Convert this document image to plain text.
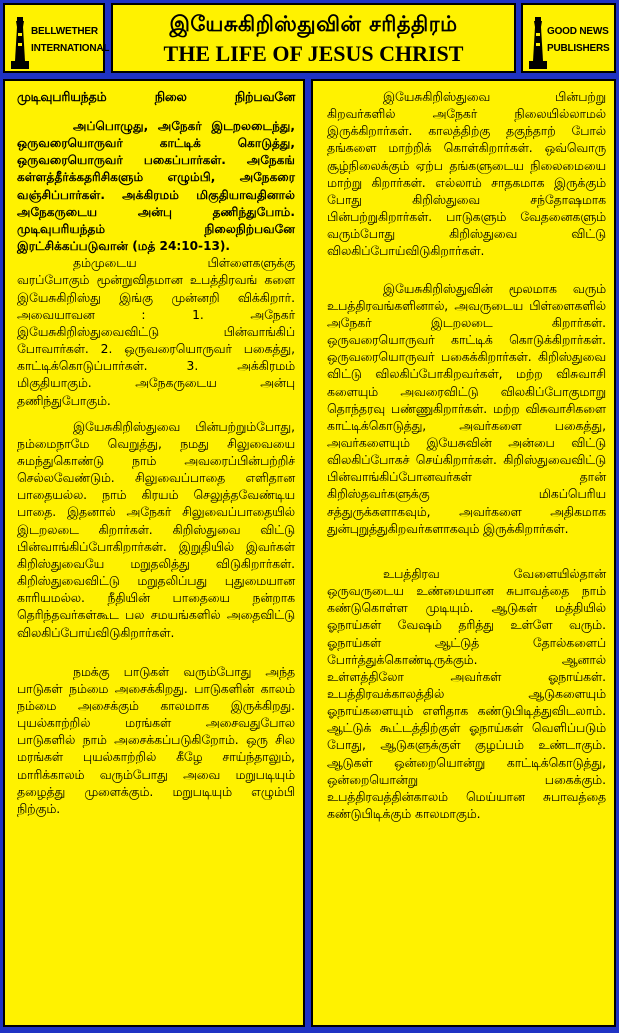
BELLWETHER
INTERNATIONAL
இயேசுகிறிஸ்துவின் சரித்திரம்
THE LIFE OF JESUS CHRIST
GOOD NEWS
PUBLISHERS
முடிவுபரியந்தம் நிலை நிற்பவனே

அப்பொழுது, அநேகர் இடறலடைந்து, ஒருவரையொருவர் காட்டிக் கொடுத்து, ஒருவரையொருவர் பகைப்பார்கள். அநேகங் கள்ளத்தீர்க்கதரிசிகளும் எழும்பி, அநேகரை வஞ்சிப்பார்கள். அக்கிரமம் மிகுதியாவதினால் அநேகருடைய அன்பு தணிந்துபோம். முடிவுபரியந்தம் நிலைநிற்பவனே இரட்சிக்கப்படுவான் (மத் 24:10-13).

தம்முடைய பிள்ளைகளுக்கு வரப்போகும் மூன்றுவிதமான உபத்திரவங் களை இயேசுகிறிஸ்து இங்கு முன்னறி விக்கிறார். அவையாவன : 1. அநேகர் இயேசுகிறிஸ்துவைவிட்டு பின்வாங்கிப் போவார்கள். 2. ஒருவரையொருவர் பகைத்து, காட்டிக்கொடுப்பார்கள். 3. அக்கிரமம் மிகுதியாகும். அநேகருடைய அன்பு தணிந்துபோகும்.

இயேசுகிறிஸ்துவை பின்பற்றும்போது, நம்மைநாமே வெறுத்து, நமது சிலுவையை சுமந்துகொண்டு நாம் அவரைப்பின்பற்றிச் செல்லவேண்டும். சிலுவைப்பாதை எளிதான பாதையல்ல. நாம் கிரயம் செலுத்தவேண்டிய பாதை. இதனால் அநேகர் சிலுவைப்பாதையில் இடறலடை கிறார்கள். கிறிஸ்துவை விட்டு பின்வாங்கிப்போகிறார்கள். இறுதியில் இவர்கள் கிறிஸ்துவையே மறுதலித்து விடுகிறார்கள். கிறிஸ்துவைவிட்டு மறுதலிப்பது புதுமையான காரியமல்ல. நீதியின் பாதையை நன்றாக தெரிந்தவர்கள்கூட பல சமயங்களில் அதைவிட்டு விலகிப்போய்விடுகிறார்கள்.

நமக்கு பாடுகள் வரும்போது அந்த பாடுகள் நம்மை அசைக்கிறது. பாடுகளின் காலம் நம்மை அசைக்கும் காலமாக இருக்கிறது. புயல்காற்றில் மரங்கள் அசைவதுபோல பாடுகளில் நாம் அசைக்கப்படுகிறோம். ஒரு சில மரங்கள் புயல்காற்றில் கீழே சாய்ந்தாலும், மாரிக்காலம் வரும்போது அவை மறுபடியும் தழைத்து முளைக்கும். மறுபடியும் எழும்பி நிற்கும்.

இயேசுகிறிஸ்துவை பின்பற்று கிறவர்களில் அநேகர் நிலையில்லாமல் இருக்கிறார்கள். காலத்திற்கு தகுந்தாற் போல் தங்களை மாற்றிக் கொள்கிறார்கள். ஒவ்வொரு சூழ்நிலைக்கும் ஏற்ப தங்களுடைய நிலைமையை மாற்று கிறார்கள். எல்லாம் சாதகமாக இருக்கும் போது கிறிஸ்துவை சந்தோஷமாக பின்பற்றுகிறார்கள். பாடுகளும் வேதனைகளும் வரும்போது கிறிஸ்துவை விட்டு விலகிப்போய்விடுகிறார்கள்.

இயேசுகிறிஸ்துவின் மூலமாக வரும் உபத்திரவங்களினால், அவருடைய பிள்ளைகளில் அநேகர் இடறலடை கிறார்கள். ஒருவரையொருவர் காட்டிக் கொடுக்கிறார்கள். ஒருவரையொருவர் பகைக்கிறார்கள். கிறிஸ்துவை விட்டு விலகிப்போகிறவர்கள், மற்ற விசுவாசி களையும் அவரைவிட்டு விலகிப்போகுமாறு தொந்தரவு பண்ணுகிறார்கள். மற்ற விசுவாசிகளை காட்டிக்கொடுத்து, அவர்களை பகைத்து, அவர்களையும் இயேசுவின் அன்பை விட்டு விலகிப்போகச் செய்கிறார்கள். கிறிஸ்துவைவிட்டு பின்வாங்கிப்போனவர்கள் தான் கிறிஸ்தவர்களுக்கு மிகப்பெரிய சத்துருக்களாகவும், அவர்களை அதிகமாக துன்புறுத்துகிறவர்களாகவும் இருக்கிறார்கள்.

உபத்திரவ வேளையில்தான் ஒருவருடைய உண்மையான சுபாவத்தை நாம் கண்டுகொள்ள முடியும். ஆடுகள் மத்தியில் ஓநாய்கள் வேஷம் தரித்து உள்ளே வரும். ஓநாய்கள் ஆட்டுத் தோல்களைப் போர்த்துக்கொண்டிருக்கும். ஆனால் உள்ளத்திலோ அவர்கள் ஓநாய்கள். உபத்திரவக்காலத்தில் ஆடுகளையும் ஓநாய்களையும் எளிதாக கண்டுபிடித்துவிடலாம். ஆட்டுக் கூட்டத்திற்குள் ஓநாய்கள் வெளிப்படும் போது, ஆடுகளுக்குள் குழப்பம் உண்டாகும். ஆடுகள் ஒன்றையொன்று காட்டிக்கொடுத்து, ஒன்றையொன்று பகைக்கும். உபத்திரவத்தின்காலம் மெய்யான சுபாவத்தை கண்டுபிடிக்கும் காலமாகும்.
